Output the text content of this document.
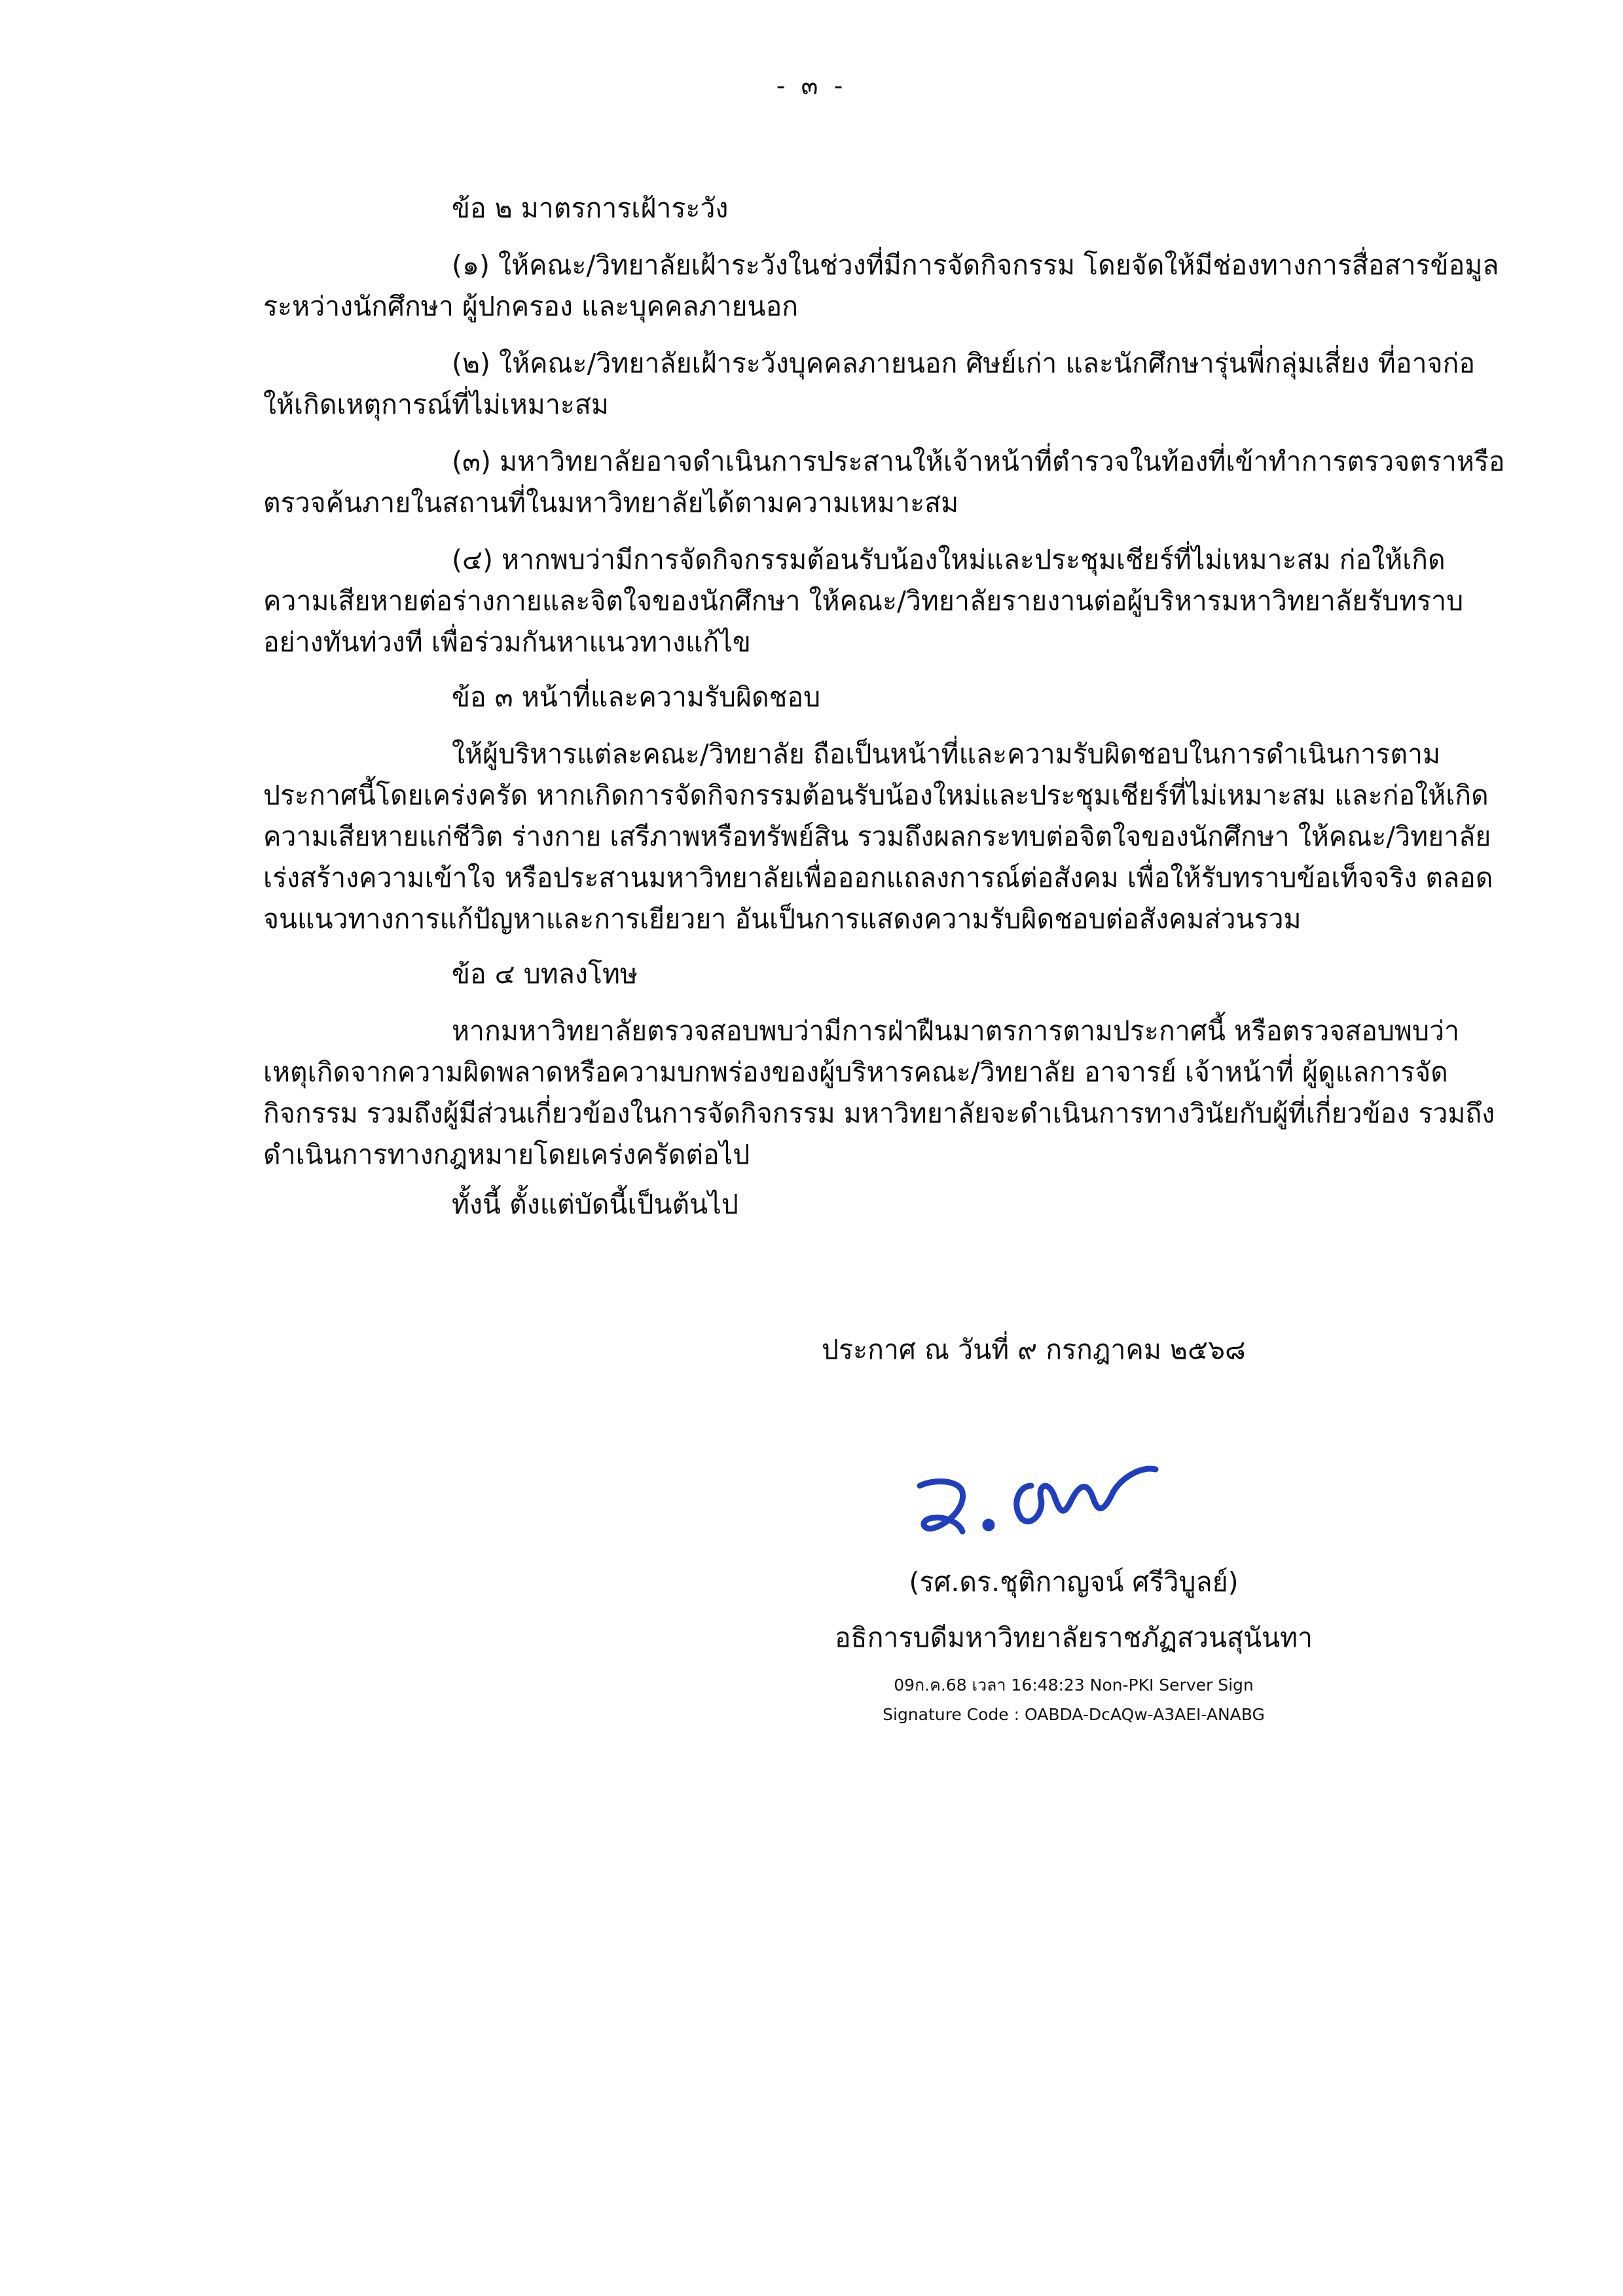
- ๓ -
ข้อ ๒ มาตรการเฝ้าระวัง
(๑) ให้คณะ/วิทยาลัยเฝ้าระวังในช่วงที่มีการจัดกิจกรรม โดยจัดให้มีช่องทางการสื่อสารข้อมูล
ระหว่างนักศึกษา ผู้ปกครอง และบุคคลภายนอก
(๒) ให้คณะ/วิทยาลัยเฝ้าระวังบุคคลภายนอก ศิษย์เก่า และนักศึกษารุ่นพี่กลุ่มเสี่ยง ที่อาจก่อ
ให้เกิดเหตุการณ์ที่ไม่เหมาะสม
(๓) มหาวิทยาลัยอาจดำเนินการประสานให้เจ้าหน้าที่ตำรวจในท้องที่เข้าทำการตรวจตราหรือ
ตรวจค้นภายในสถานที่ในมหาวิทยาลัยได้ตามความเหมาะสม
(๔) หากพบว่ามีการจัดกิจกรรมต้อนรับน้องใหม่และประชุมเชียร์ที่ไม่เหมาะสม ก่อให้เกิด
ความเสียหายต่อร่างกายและจิตใจของนักศึกษา ให้คณะ/วิทยาลัยรายงานต่อผู้บริหารมหาวิทยาลัยรับทราบ
อย่างทันท่วงที เพื่อร่วมกันหาแนวทางแก้ไข
ข้อ ๓ หน้าที่และความรับผิดชอบ
ให้ผู้บริหารแต่ละคณะ/วิทยาลัย ถือเป็นหน้าที่และความรับผิดชอบในการดำเนินการตาม
ประกาศนี้โดยเคร่งครัด หากเกิดการจัดกิจกรรมต้อนรับน้องใหม่และประชุมเชียร์ที่ไม่เหมาะสม และก่อให้เกิด
ความเสียหายแก่ชีวิต ร่างกาย เสรีภาพหรือทรัพย์สิน รวมถึงผลกระทบต่อจิตใจของนักศึกษา ให้คณะ/วิทยาลัย
เร่งสร้างความเข้าใจ หรือประสานมหาวิทยาลัยเพื่อออกแถลงการณ์ต่อสังคม เพื่อให้รับทราบข้อเท็จจริง ตลอด
จนแนวทางการแก้ปัญหาและการเยียวยา อันเป็นการแสดงความรับผิดชอบต่อสังคมส่วนรวม
ข้อ ๔ บทลงโทษ
หากมหาวิทยาลัยตรวจสอบพบว่ามีการฝ่าฝืนมาตรการตามประกาศนี้ หรือตรวจสอบพบว่า
เหตุเกิดจากความผิดพลาดหรือความบกพร่องของผู้บริหารคณะ/วิทยาลัย อาจารย์ เจ้าหน้าที่ ผู้ดูแลการจัด
กิจกรรม รวมถึงผู้มีส่วนเกี่ยวข้องในการจัดกิจกรรม มหาวิทยาลัยจะดำเนินการทางวินัยกับผู้ที่เกี่ยวข้อง รวมถึง
ดำเนินการทางกฎหมายโดยเคร่งครัดต่อไป
ทั้งนี้ ตั้งแต่บัดนี้เป็นต้นไป
ประกาศ ณ วันที่ ๙ กรกฎาคม ๒๕๖๘
(รศ.ดร.ชุติกาญจน์ ศรีวิบูลย์)
อธิการบดีมหาวิทยาลัยราชภัฏสวนสุนันทา
09ก.ค.68 เวลา 16:48:23 Non-PKI Server Sign
Signature Code : OABDA-DcAQw-A3AEI-ANABG
